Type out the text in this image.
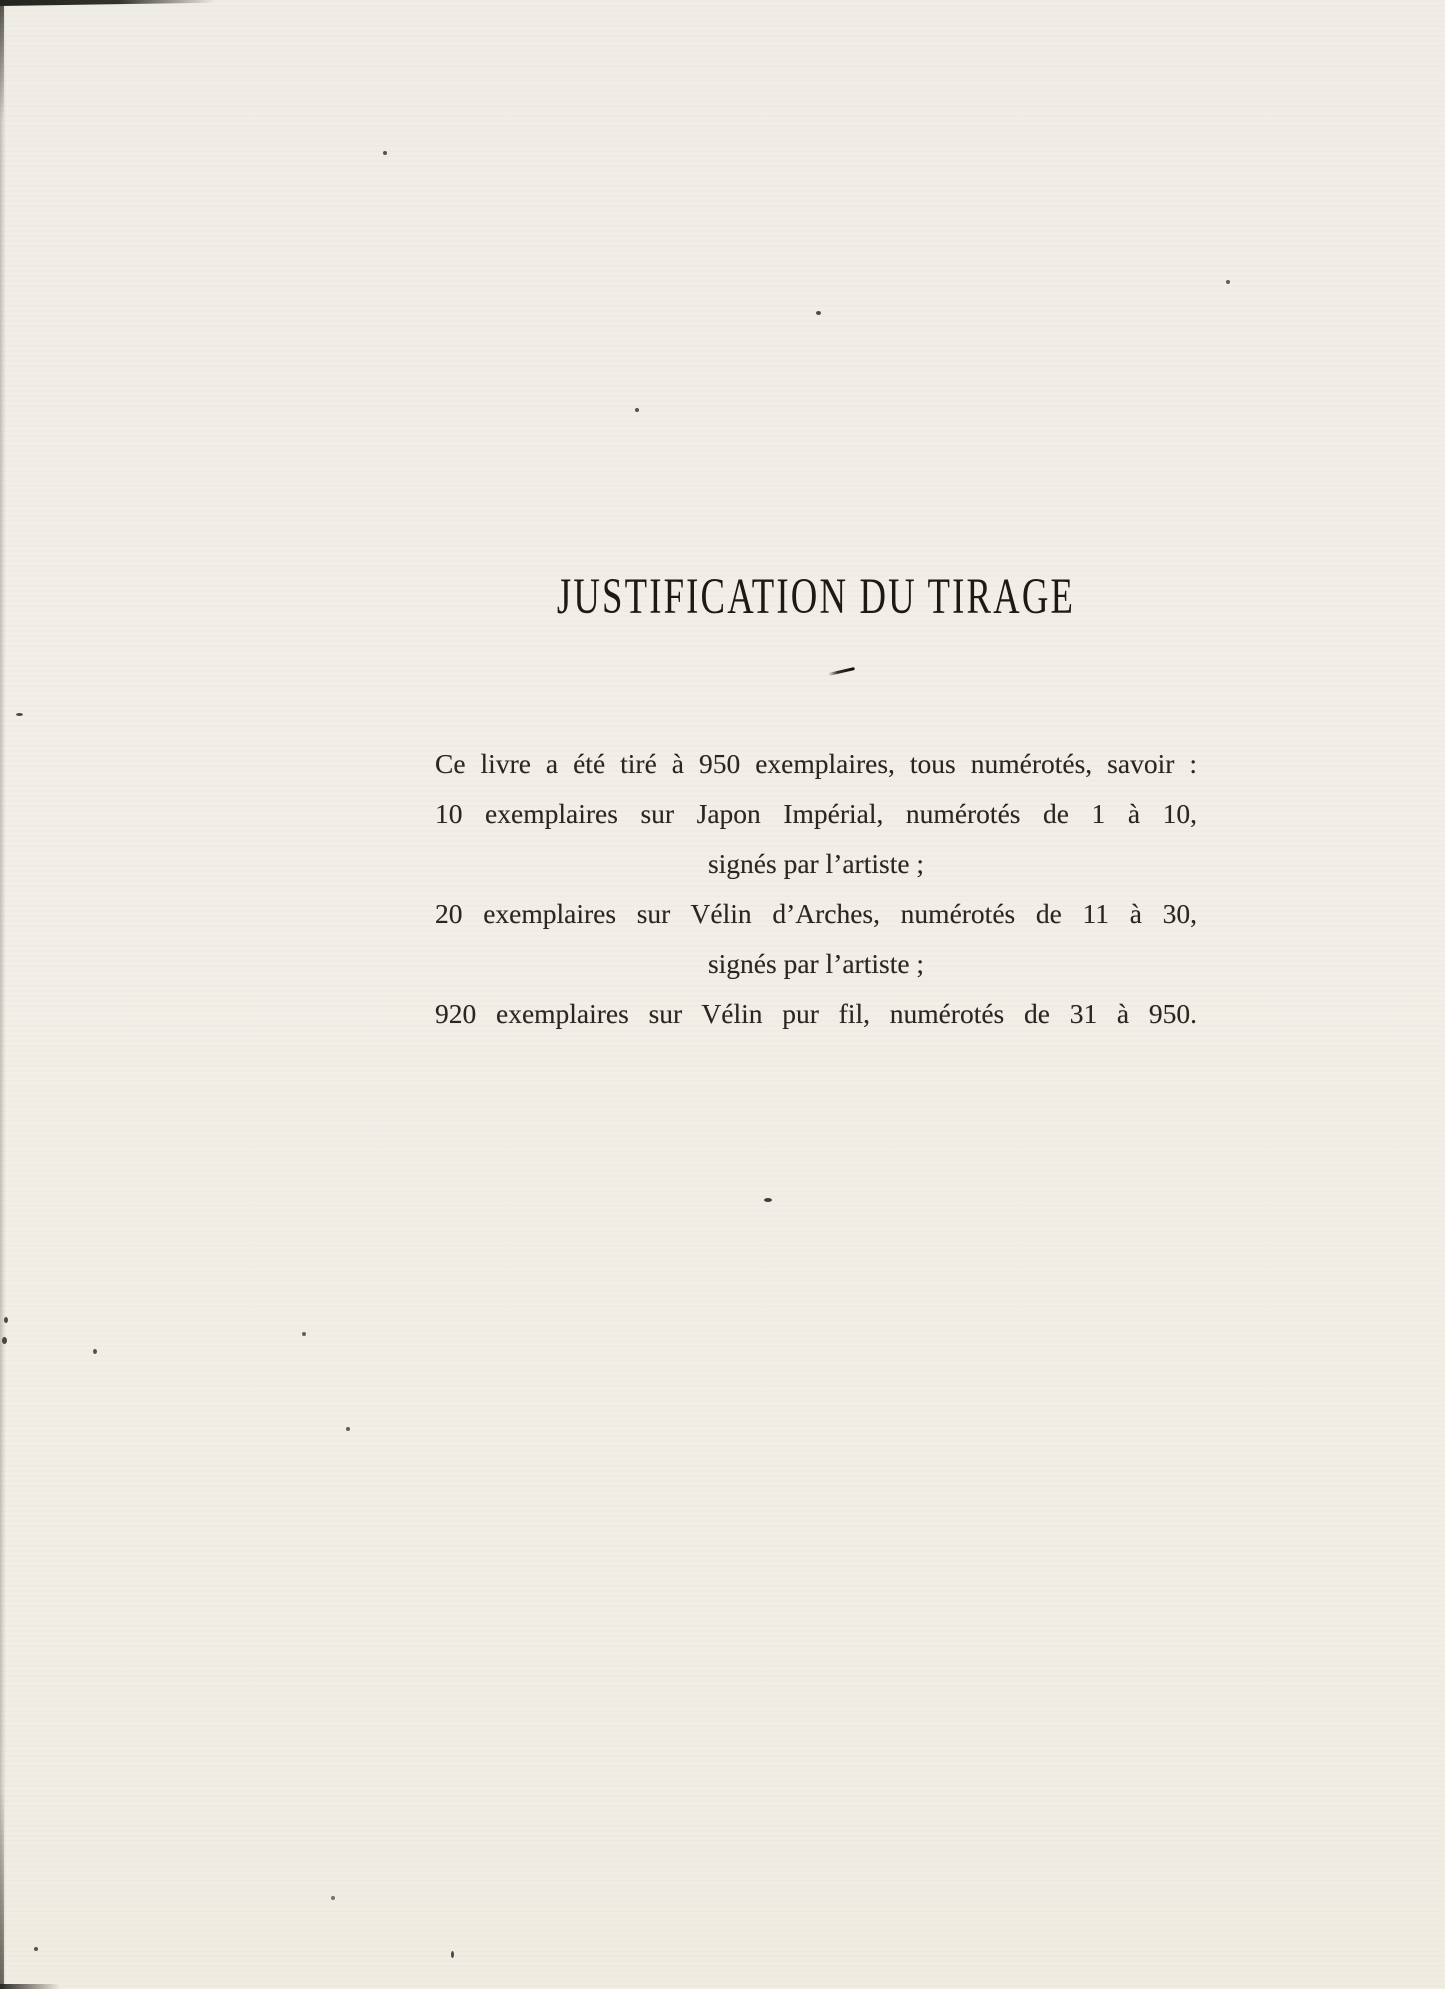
JUSTIFICATION DU TIRAGE

Ce livre a été tiré à 950 exemplaires, tous numérotés, savoir :

10 exemplaires sur Japon Impérial, numérotés de 1 à 10,

signés par l’artiste ;

20 exemplaires sur Vélin d’Arches, numérotés de 11 à 30,

signés par l’artiste ;

920 exemplaires sur Vélin pur fil, numérotés de 31 à 950.
